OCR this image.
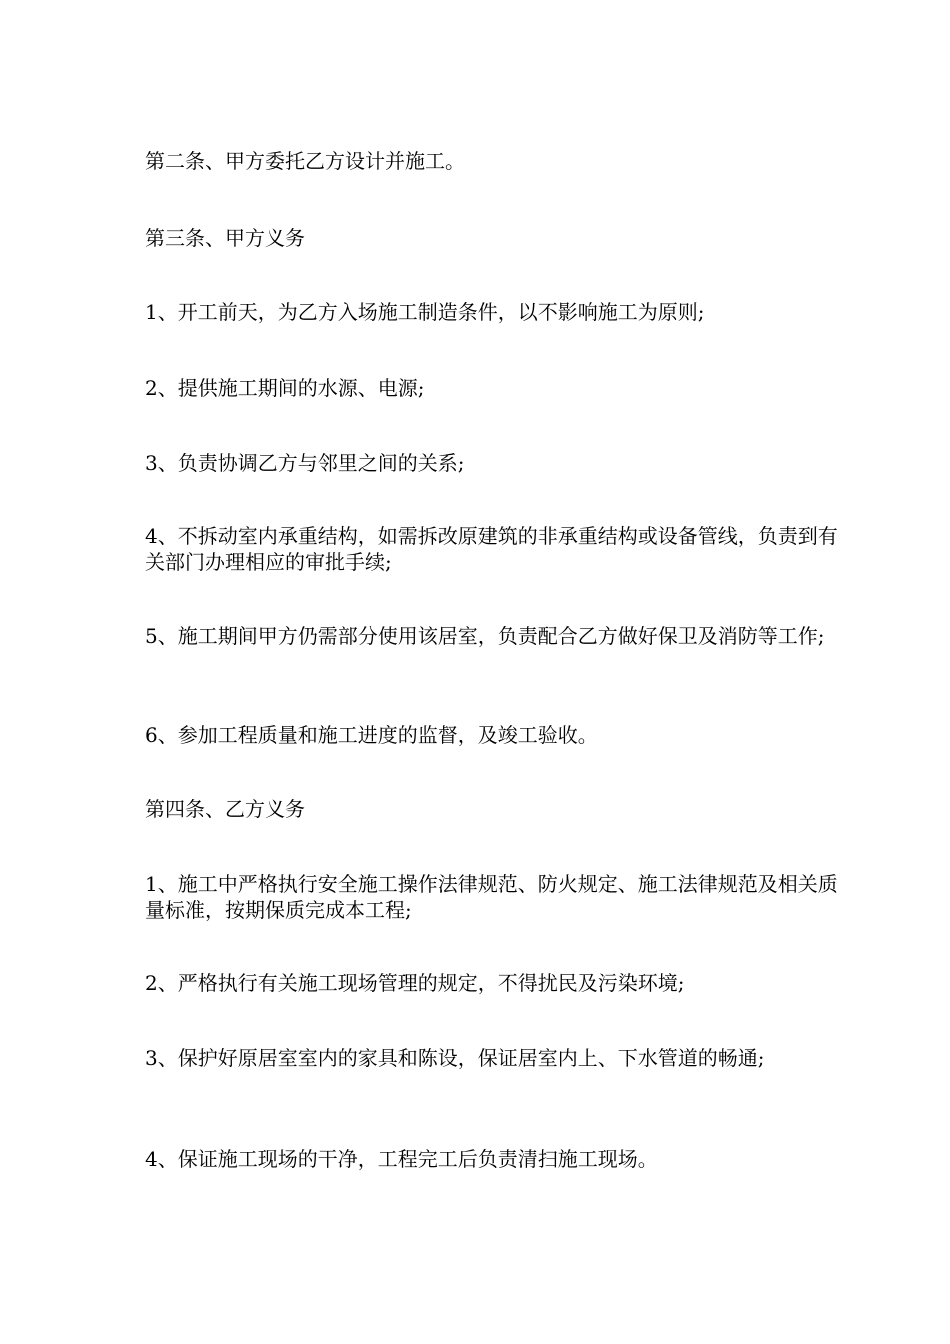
第二条、甲方委托乙方设计并施工。
第三条、甲方义务
1、开工前天，为乙方入场施工制造条件，以不影响施工为原则;
2、提供施工期间的水源、电源;
3、负责协调乙方与邻里之间的关系;
4、不拆动室内承重结构，如需拆改原建筑的非承重结构或设备管线，负责到有关部门办理相应的审批手续;
5、施工期间甲方仍需部分使用该居室，负责配合乙方做好保卫及消防等工作;
6、参加工程质量和施工进度的监督，及竣工验收。
第四条、乙方义务
1、施工中严格执行安全施工操作法律规范、防火规定、施工法律规范及相关质量标准，按期保质完成本工程;
2、严格执行有关施工现场管理的规定，不得扰民及污染环境;
3、保护好原居室室内的家具和陈设，保证居室内上、下水管道的畅通;
4、保证施工现场的干净，工程完工后负责清扫施工现场。
